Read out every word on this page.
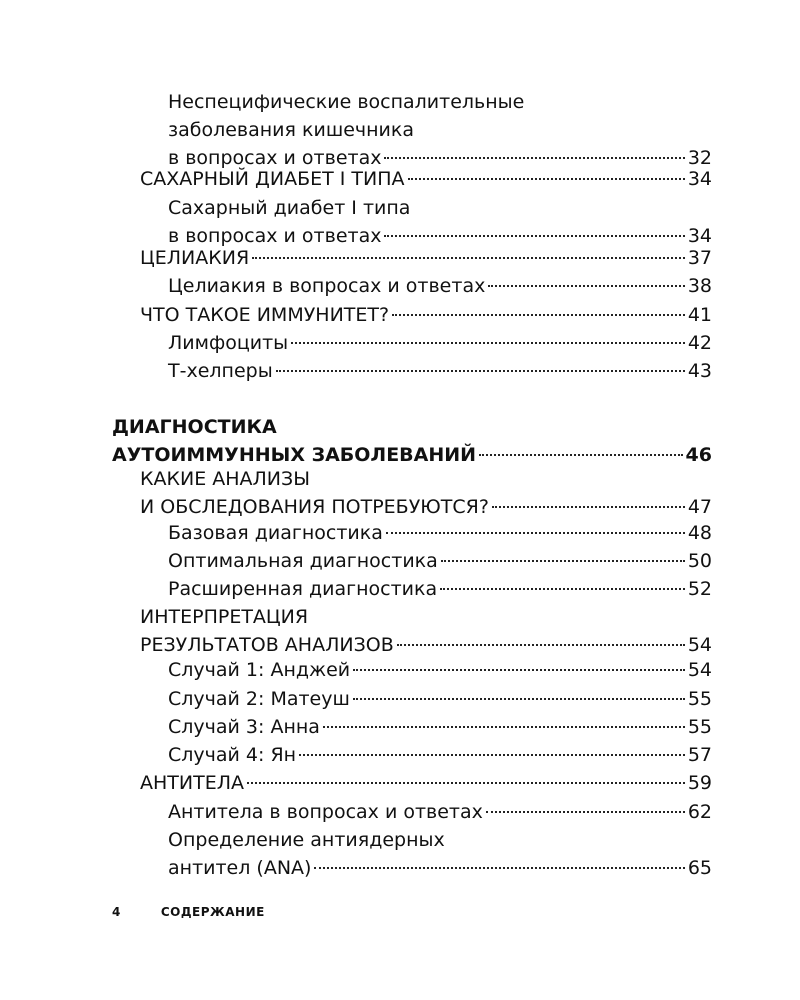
Неспецифические воспалительные
заболевания кишечника
в вопросах и ответах	32
САХАРНЫЙ ДИАБЕТ I ТИПА	34
Сахарный диабет I типа
в вопросах и ответах	34
ЦЕЛИАКИЯ	37
Целиакия в вопросах и ответах	38
ЧТО ТАКОЕ ИММУНИТЕТ?	41
Лимфоциты	42
Т-хелперы	43
ДИАГНОСТИКА
АУТОИММУННЫХ ЗАБОЛЕВАНИЙ	46
КАКИЕ АНАЛИЗЫ
И ОБСЛЕДОВАНИЯ ПОТРЕБУЮТСЯ?	47
Базовая диагностика	48
Оптимальная диагностика	50
Расширенная диагностика	52
ИНТЕРПРЕТАЦИЯ
РЕЗУЛЬТАТОВ АНАЛИЗОВ	54
Случай 1: Анджей	54
Случай 2: Матеуш	55
Случай 3: Анна	55
Случай 4: Ян	57
АНТИТЕЛА	59
Антитела в вопросах и ответах	62
Определение антиядерных
антител (ANA)	65
4	СОДЕРЖАНИЕ
